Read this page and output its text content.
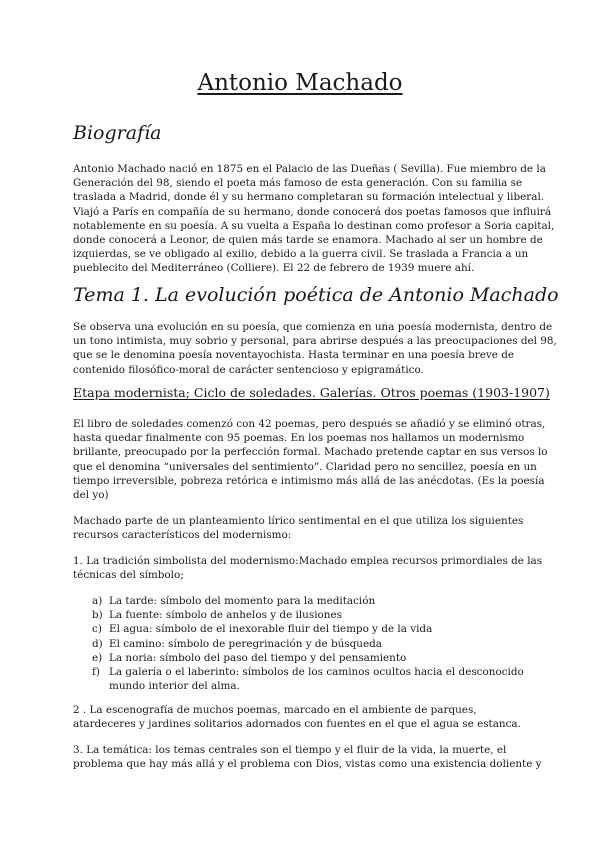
Antonio Machado
Biografía
Antonio Machado nació en 1875 en el Palacio de las Dueñas ( Sevilla). Fue miembro de la
Generación del 98, siendo el poeta más famoso de esta generación. Con su familia se
traslada a Madrid, donde él y su hermano completaran su formación intelectual y liberal.
Viajó a París en compañía de su hermano, donde conocerá dos poetas famosos que influirá
notablemente en su poesía. A su vuelta a España lo destinan como profesor a Soria capital,
donde conocerá a Leonor, de quien más tarde se enamora. Machado al ser un hombre de
izquierdas, se ve obligado al exilio, debido a la guerra civil. Se traslada a Francia a un
pueblecito del Mediterráneo (Colliere). El 22 de febrero de 1939 muere ahí.
Tema 1. La evolución poética de Antonio Machado
Se observa una evolución en su poesía, que comienza en una poesía modernista, dentro de
un tono intimista, muy sobrio y personal, para abrirse después a las preocupaciones del 98,
que se le denomina poesía noventayochista. Hasta terminar en una poesía breve de
contenido filosófico-moral de carácter sentencioso y epigramático.
Etapa modernista; Ciclo de soledades. Galerías. Otros poemas (1903-1907)
El libro de soledades comenzó con 42 poemas, pero después se añadió y se eliminó otras,
hasta quedar finalmente con 95 poemas. En los poemas nos hallamos un modernismo
brillante, preocupado por la perfección formal. Machado pretende captar en sus versos lo
que el denomina “universales del sentimiento”. Claridad pero no sencillez, poesía en un
tiempo irreversible, pobreza retórica e intimismo más allá de las anécdotas. (Es la poesía
del yo)
Machado parte de un planteamiento lírico sentimental en el que utiliza los siguientes
recursos característicos del modernismo:
1. La tradición simbolista del modernismo:Machado emplea recursos primordiales de las
técnicas del símbolo;
a) La tarde: símbolo del momento para la meditación
b) La fuente: símbolo de anhelos y de ilusiones
c) El agua: símbolo de el inexorable fluir del tiempo y de la vida
d) El camino: símbolo de peregrinación y de búsqueda
e) La noria: símbolo del paso del tiempo y del pensamiento
f) La galería o el laberinto: símbolos de los caminos ocultos hacia el desconocido
mundo interior del alma.
2 . La escenografía de muchos poemas, marcado en el ambiente de parques,
atardeceres y jardines solitarios adornados con fuentes en el que el agua se estanca.
3. La temática: los temas centrales son el tiempo y el fluir de la vida, la muerte, el
problema que hay más allá y el problema con Dios, vistas como una existencia doliente y
